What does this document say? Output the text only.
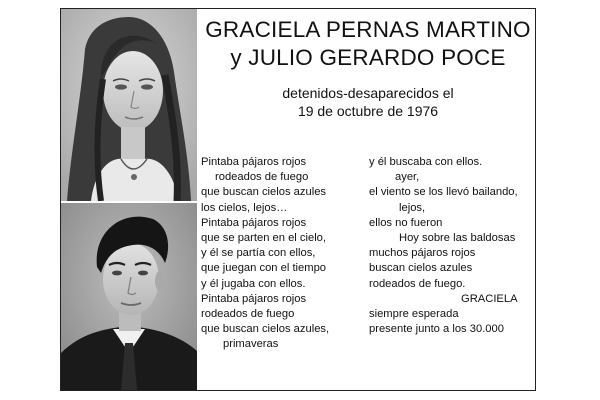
GRACIELA PERNAS MARTINO
y JULIO GERARDO POCE
detenidos-desaparecidos el
19 de octubre de 1976
Pintaba pájaros rojos
rodeados de fuego
que buscan cielos azules
los cielos, lejos…
Pintaba pájaros rojos
que se parten en el cielo,
y él se partía con ellos,
que juegan con el tiempo
y él jugaba con ellos.
Pintaba pájaros rojos
rodeados de fuego
que buscan cielos azules,
primaveras
y él buscaba con ellos.
ayer,
el viento se los llevó bailando,
lejos,
ellos no fueron
Hoy sobre las baldosas
muchos pájaros rojos
buscan cielos azules
rodeados de fuego.
GRACIELA
siempre esperada
presente junto a los 30.000
